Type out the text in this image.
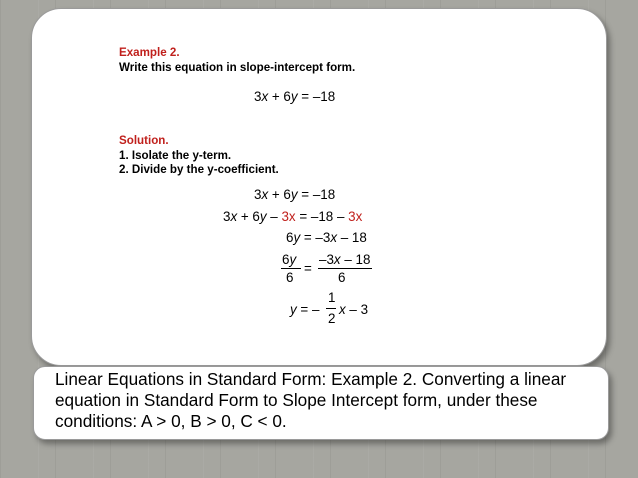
Example 2.
Write this equation in slope-intercept form.
3x + 6y = –18
Solution.
1. Isolate the y-term.
2. Divide by the y-coefficient.
3x + 6y = –18
3x + 6y – 3x = –18 – 3x
6y = –3x – 18
6y
6
=
–3x – 18
6
y = –
1
2
x – 3

Linear Equations in Standard Form: Example 2. Converting a linear equation in Standard Form to Slope Intercept form, under these conditions: A > 0, B > 0, C < 0.
